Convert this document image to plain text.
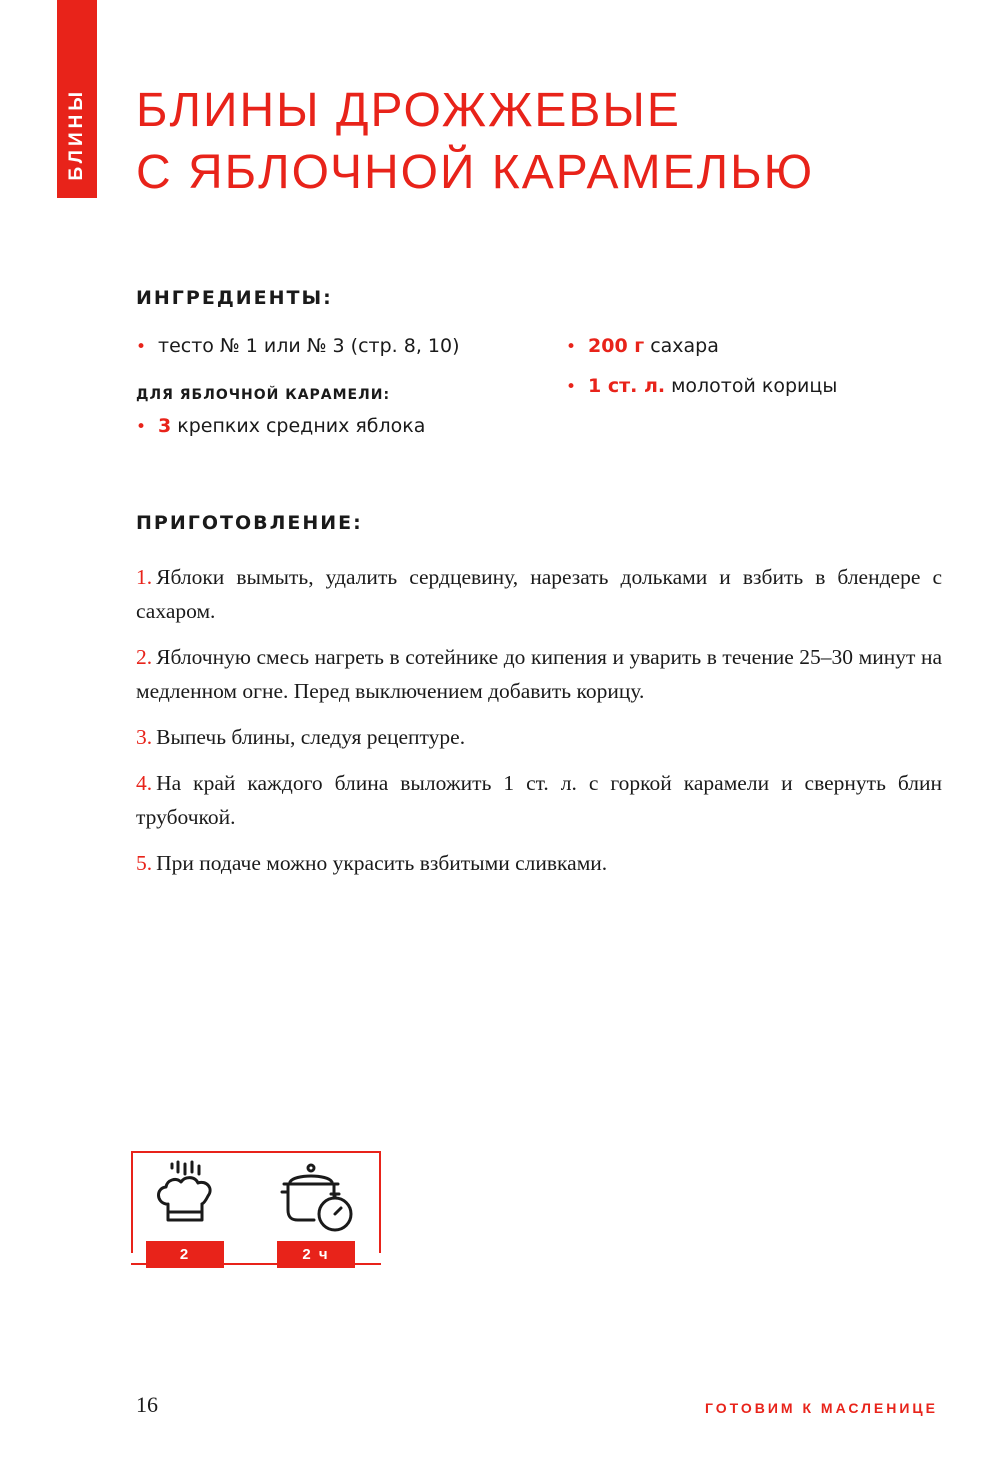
БЛИНЫ БЛИНЫ ДРОЖЖЕВЫЕ
С ЯБЛОЧНОЙ КАРАМЕЛЬЮ
ИНГРЕДИЕНТЫ:
• тесто № 1 или № 3 (стр. 8, 10)
ДЛЯ ЯБЛОЧНОЙ КАРАМЕЛИ:
• 3 крепких средних яблока
• 200 г сахара
• 1 ст. л. молотой корицы
ПРИГОТОВЛЕНИЕ:

1. Яблоки вымыть, удалить сердцевину, нарезать дольками и взбить в блендере с сахаром.

2. Яблочную смесь нагреть в сотейнике до кипения и уварить в течение 25–30 минут на медленном огне. Перед выключением добавить корицу.

3. Выпечь блины, следуя рецептуре.

4. На край каждого блина выложить 1 ст. л. с горкой карамели и свернуть блин трубочкой.

5. При подаче можно украсить взбитыми сливками.

2	2 ч
16	ГОТОВИМ К МАСЛЕНИЦЕ
